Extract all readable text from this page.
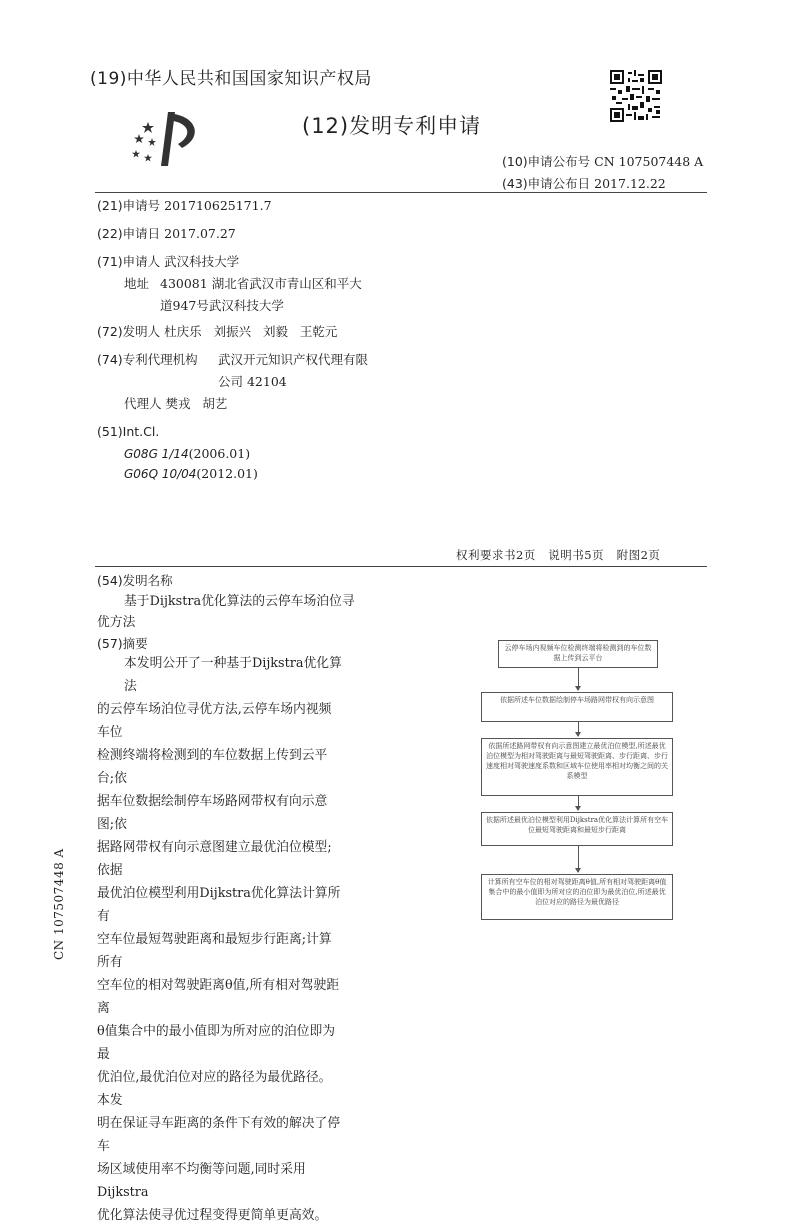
(19)中华人民共和国国家知识产权局
(12)发明专利申请
(10)申请公布号 CN 107507448 A
(43)申请公布日 2017.12.22
(21)申请号 201710625171.7
(22)申请日 2017.07.27
(71)申请人 武汉科技大学
地址 430081 湖北省武汉市青山区和平大
道947号武汉科技大学
(72)发明人 杜庆乐   刘振兴   刘毅   王乾元
(74)专利代理机构 武汉开元知识产权代理有限
公司 42104
代理人 樊戎   胡艺
(51)Int.Cl.
G08G 1/14(2006.01)
G06Q 10/04(2012.01)
权利要求书2页   说明书5页   附图2页
(54)发明名称
基于Dijkstra优化算法的云停车场泊位寻
优方法
(57)摘要
本发明公开了一种基于Dijkstra优化算法
的云停车场泊位寻优方法,云停车场内视频车位
检测终端将检测到的车位数据上传到云平台;依
据车位数据绘制停车场路网带权有向示意图;依
据路网带权有向示意图建立最优泊位模型;依据
最优泊位模型利用Dijkstra优化算法计算所有
空车位最短驾驶距离和最短步行距离;计算所有
空车位的相对驾驶距离θ值,所有相对驾驶距离
θ值集合中的最小值即为所对应的泊位即为最
优泊位,最优泊位对应的路径为最优路径。本发
明在保证寻车距离的条件下有效的解决了停车
场区域使用率不均衡等问题,同时采用Dijkstra
优化算法使寻优过程变得更简单更高效。
云停车场内视频车位检测终端将检测到的车位数据上传到云平台
依据所述车位数据绘制停车场路网带权有向示意图
依据所述路网带权有向示意图建立最优泊位模型,所述最优泊位模型为相对驾驶距离与最短驾驶距离、步行距离、步行速度相对驾驶速度系数和区域车位使用率相对均衡之间的关系模型
依据所述最优泊位模型利用Dijkstra优化算法计算所有空车位最短驾驶距离和最短步行距离
计算所有空车位的相对驾驶距离θ值,所有相对驾驶距离θ值集合中的最小值即为所对应的泊位即为最优泊位,所述最优泊位对应的路径为最优路径
CN 107507448 A
